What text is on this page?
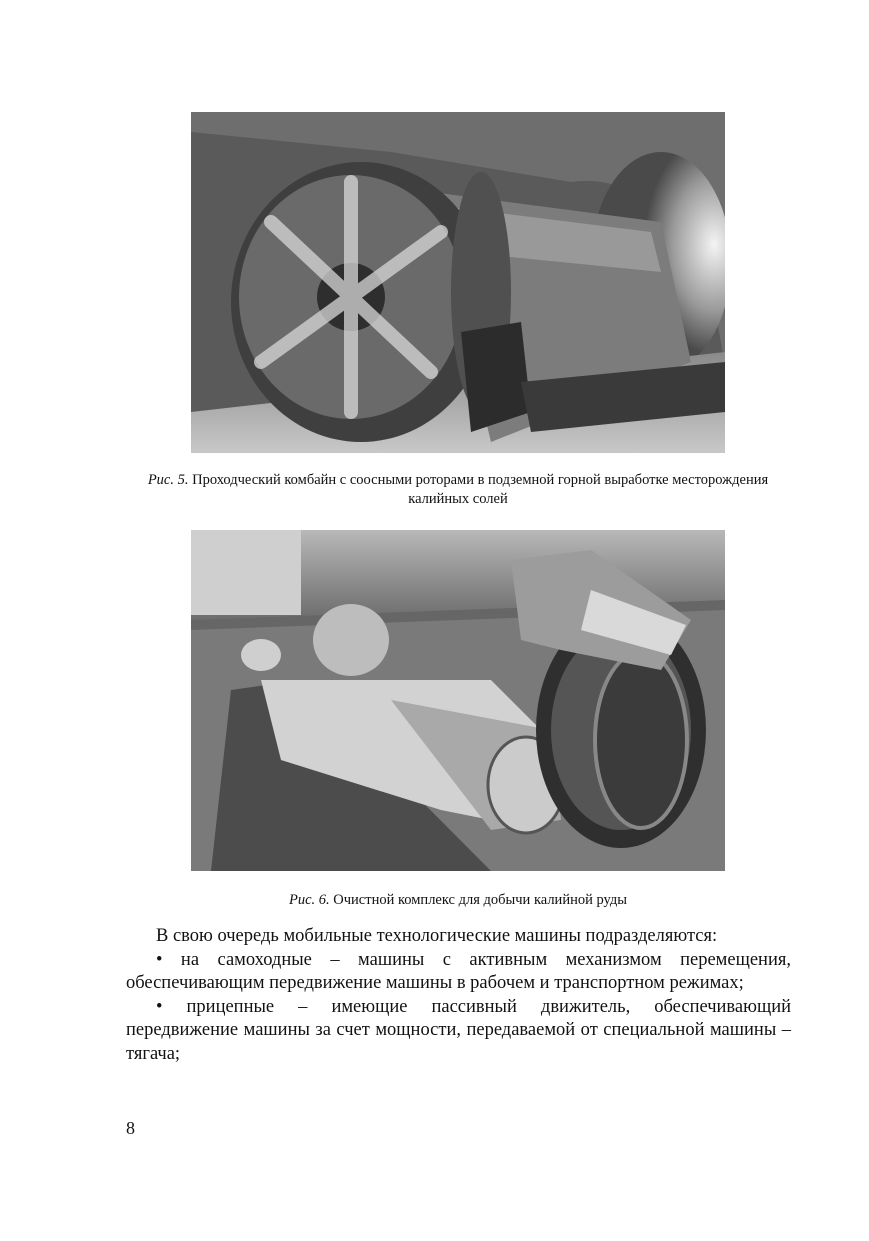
Рис. 5. Проходческий комбайн с соосными роторами в подземной горной выработке месторождения калийных солей
Рис. 6. Очистной комплекс для добычи калийной руды

В свою очередь мобильные технологические машины подразделяются:

• на самоходные – машины с активным механизмом перемещения, обеспечивающим передвижение машины в рабочем и транспортном режимах;

• прицепные – имеющие пассивный движитель, обеспечивающий передвижение машины за счет мощности, передаваемой от специальной машины – тягача;

8
